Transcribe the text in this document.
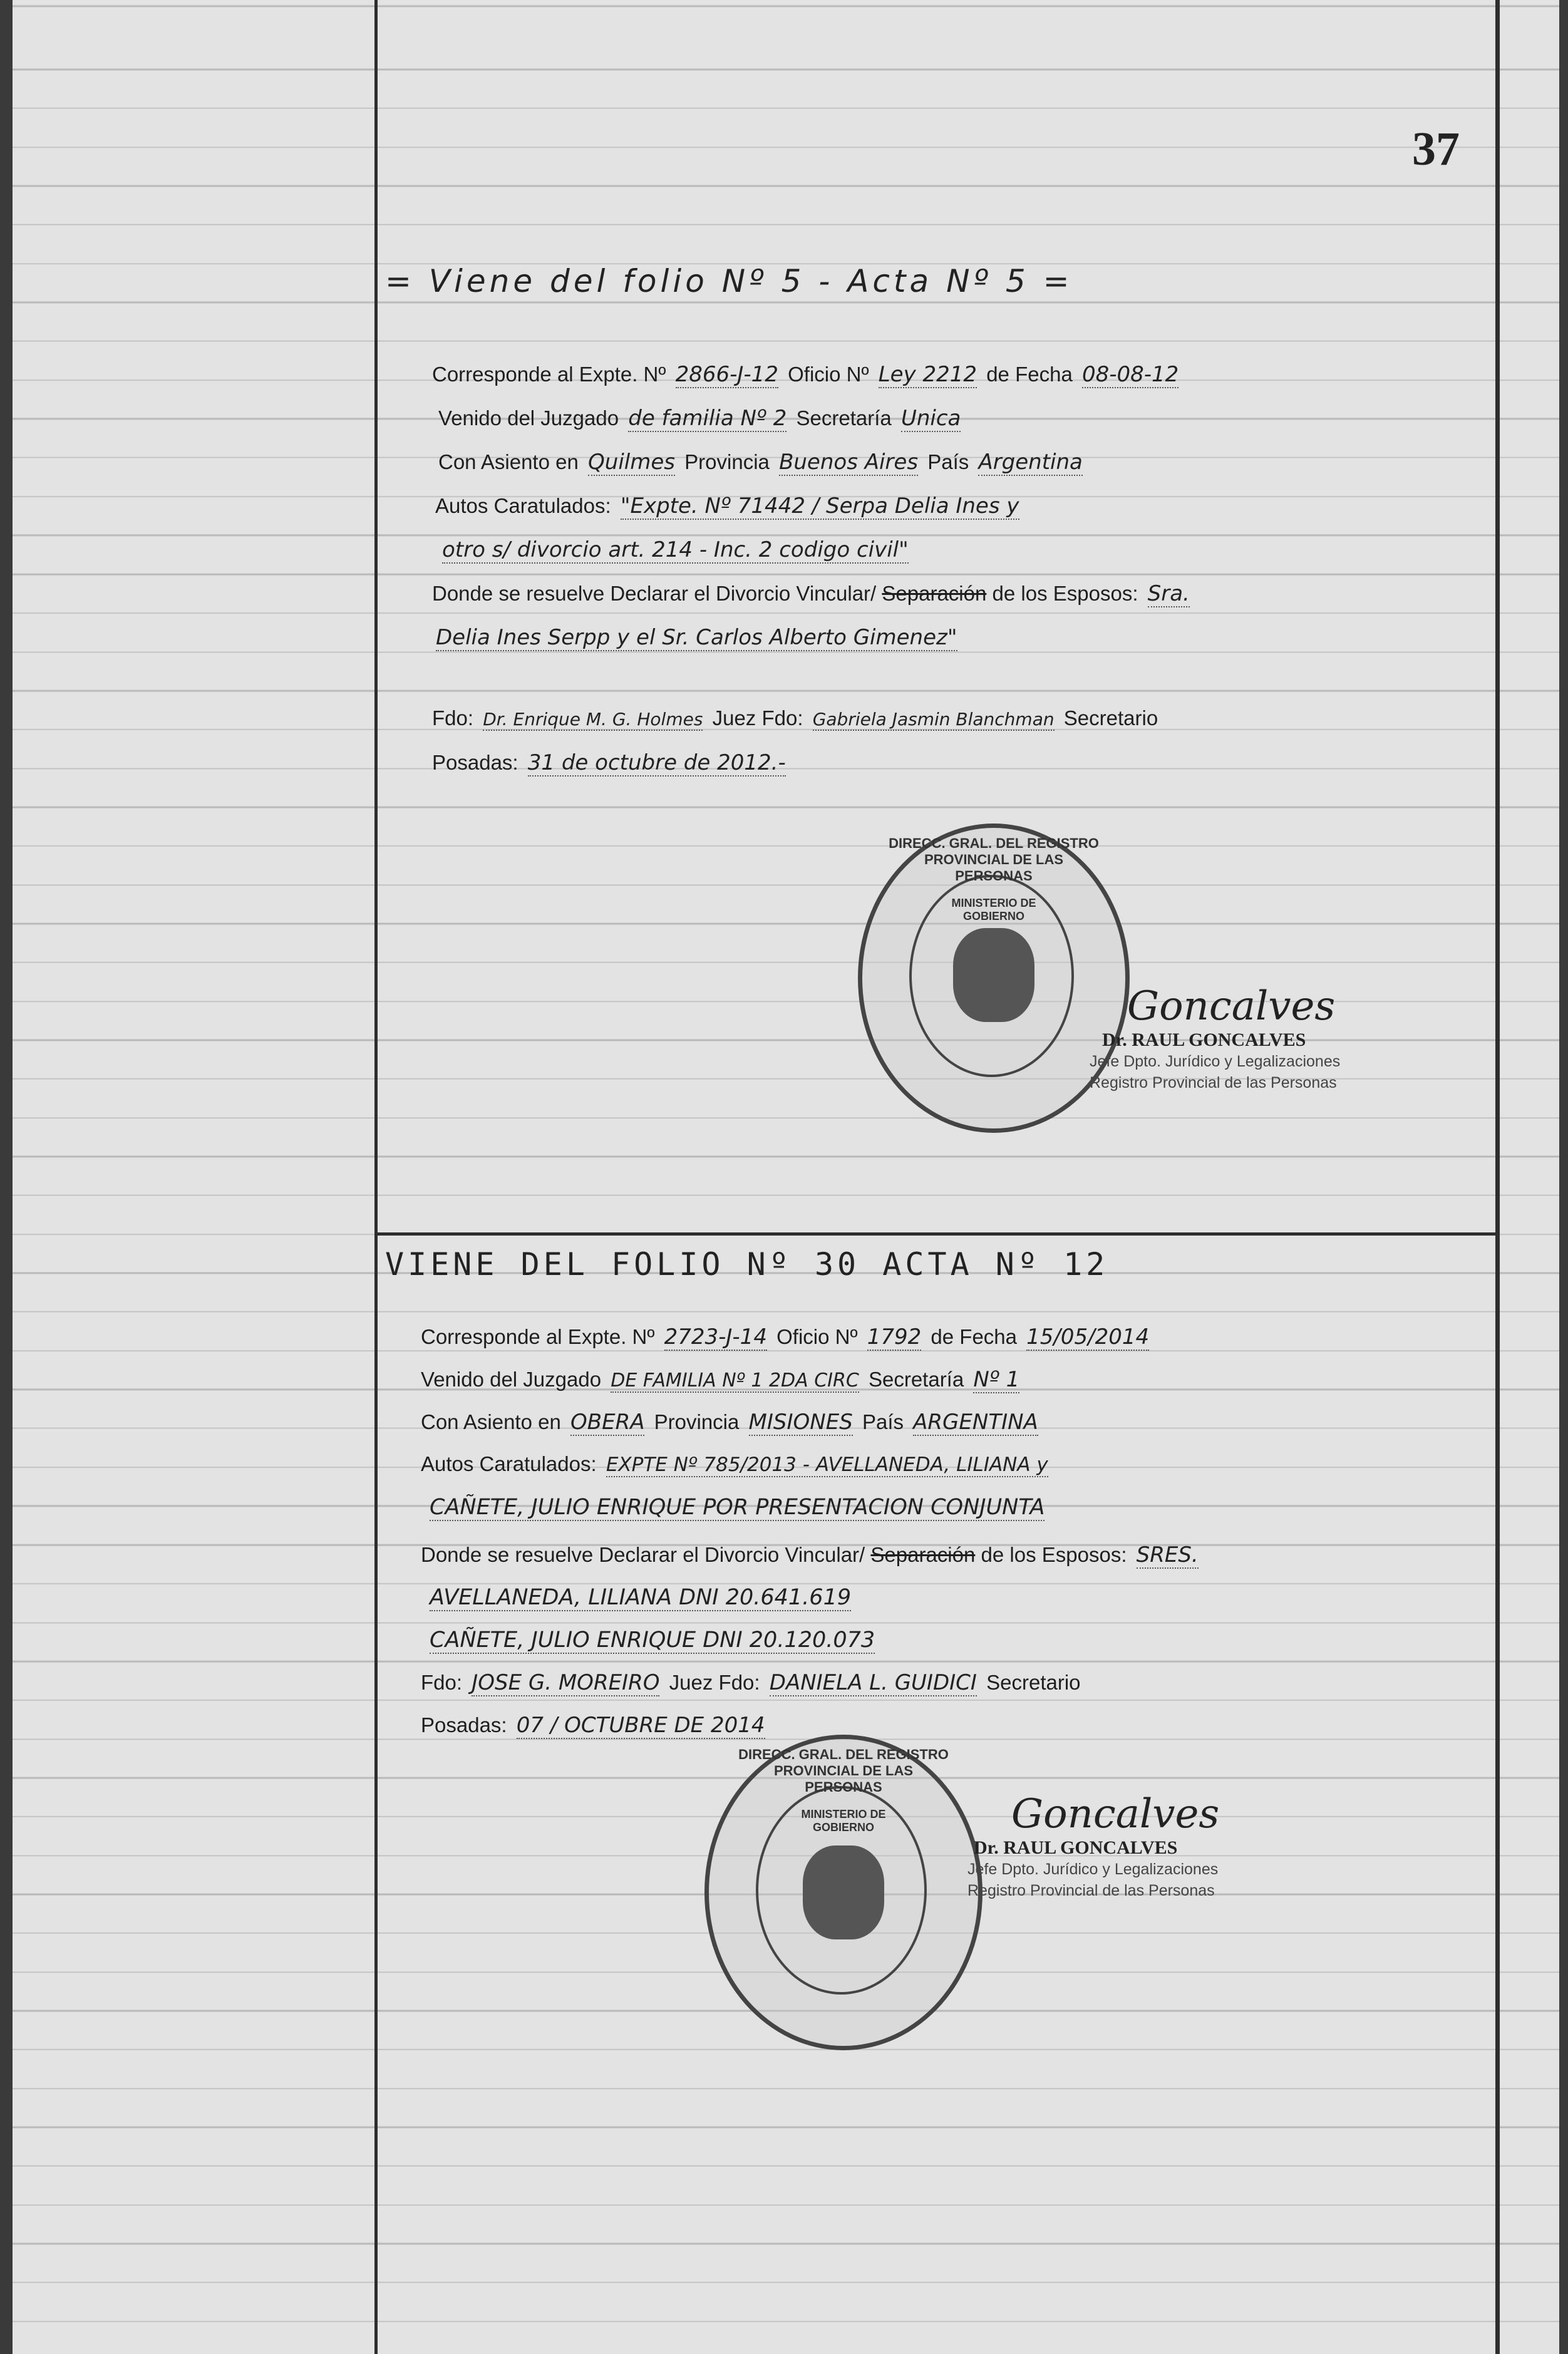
37
= Viene del folio Nº 5 - Acta Nº 5 =
Corresponde al Expte. Nº 2866-J-12 Oficio Nº Ley 2212 de Fecha 08-08-12
Venido del Juzgado de familia Nº 2 Secretaría Unica
Con Asiento en Quilmes Provincia Buenos Aires País Argentina
Autos Caratulados: "Expte. Nº 71442 / Serpa Delia Ines y
otro s/ divorcio art. 214 - Inc. 2 codigo civil"
Donde se resuelve Declarar el Divorcio Vincular/ Separación de los Esposos: Sra.
Delia Ines Serpp y el Sr. Carlos Alberto Gimenez"
Fdo: Dr. Enrique M. G. Holmes Juez Fdo: Gabriela Jasmin Blanchman Secretario
Posadas: 31 de octubre de 2012.-
DIRECC. GRAL. DEL REGISTRO PROVINCIAL DE LAS PERSONAS
MINISTERIO DE GOBIERNO
Goncalves
Dr. RAUL GONCALVES
Jefe Dpto. Jurídico y Legalizaciones
Registro Provincial de las Personas
VIENE DEL FOLIO Nº 30 ACTA Nº 12
Corresponde al Expte. Nº 2723-J-14 Oficio Nº 1792 de Fecha 15/05/2014
Venido del Juzgado DE FAMILIA Nº 1 2DA CIRC Secretaría Nº 1
Con Asiento en OBERA Provincia MISIONES País ARGENTINA
Autos Caratulados: EXPTE Nº 785/2013 - AVELLANEDA, LILIANA y
CAÑETE, JULIO ENRIQUE POR PRESENTACION CONJUNTA
Donde se resuelve Declarar el Divorcio Vincular/ Separación de los Esposos: SRES.
AVELLANEDA, LILIANA DNI 20.641.619
CAÑETE, JULIO ENRIQUE DNI 20.120.073
Fdo: JOSE G. MOREIRO Juez Fdo: DANIELA L. GUIDICI Secretario
Posadas: 07 / OCTUBRE DE 2014
DIRECC. GRAL. DEL REGISTRO PROVINCIAL DE LAS PERSONAS
MINISTERIO DE GOBIERNO	Goncalves
Dr. RAUL GONCALVES
Jefe Dpto. Jurídico y Legalizaciones
Registro Provincial de las Personas
